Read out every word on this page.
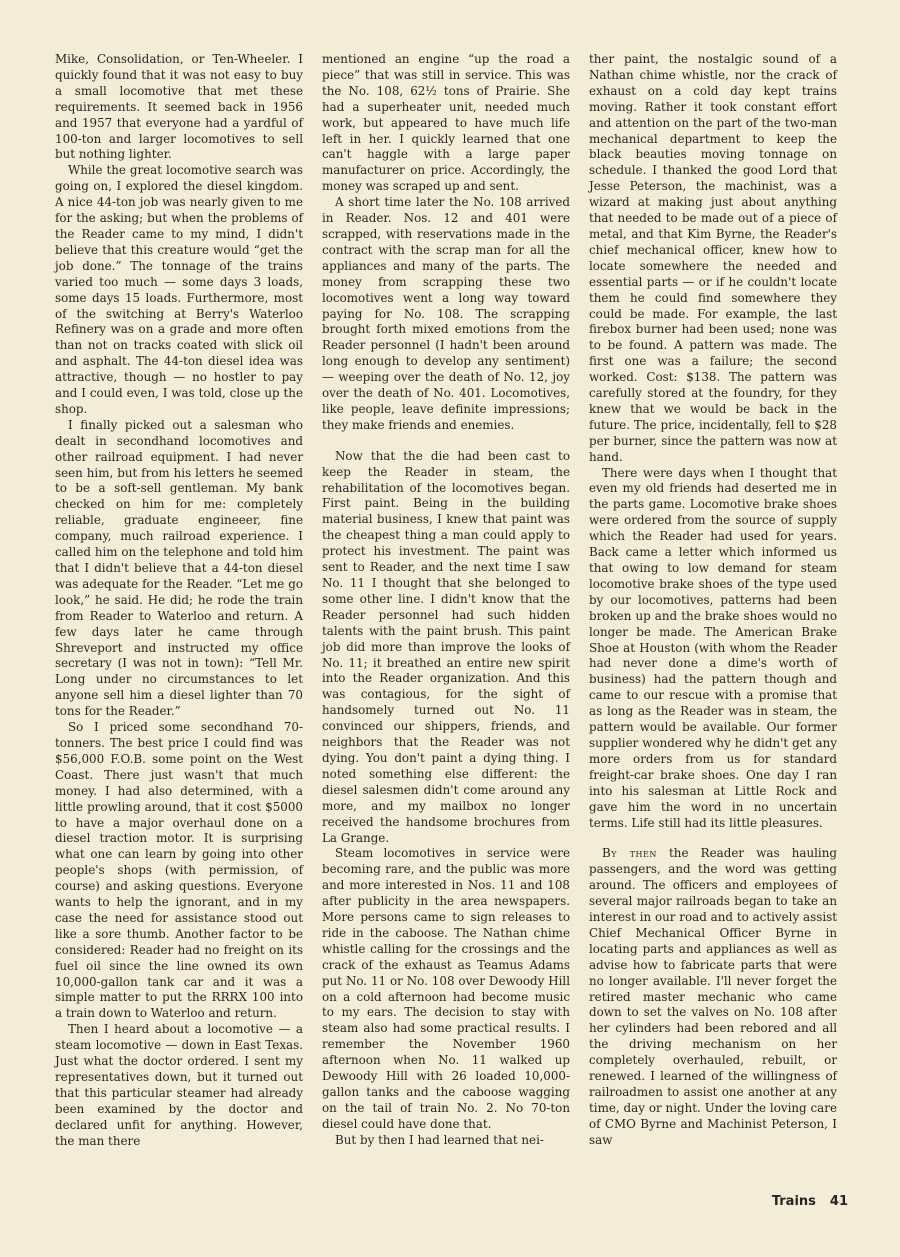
Mike, Consolidation, or Ten-Wheeler. I quickly found that it was not easy to buy a small locomotive that met these requirements. It seemed back in 1956 and 1957 that everyone had a yardful of 100-ton and larger locomotives to sell but nothing lighter.

While the great locomotive search was going on, I explored the diesel kingdom. A nice 44-ton job was nearly given to me for the asking; but when the problems of the Reader came to my mind, I didn't believe that this creature would “get the job done.” The tonnage of the trains varied too much — some days 3 loads, some days 15 loads. Furthermore, most of the switching at Berry's Waterloo Refinery was on a grade and more often than not on tracks coated with slick oil and asphalt. The 44-ton diesel idea was attractive, though — no hostler to pay and I could even, I was told, close up the shop.

I finally picked out a salesman who dealt in secondhand locomotives and other railroad equipment. I had never seen him, but from his letters he seemed to be a soft-sell gentleman. My bank checked on him for me: completely reliable, graduate engineeer, fine company, much railroad experience. I called him on the telephone and told him that I didn't believe that a 44-ton diesel was adequate for the Reader. “Let me go look,” he said. He did; he rode the train from Reader to Waterloo and return. A few days later he came through Shreveport and instructed my office secretary (I was not in town): “Tell Mr. Long under no circumstances to let anyone sell him a diesel lighter than 70 tons for the Reader.”

So I priced some secondhand 70-tonners. The best price I could find was $56,000 F.O.B. some point on the West Coast. There just wasn't that much money. I had also determined, with a little prowling around, that it cost $5000 to have a major overhaul done on a diesel traction motor. It is surprising what one can learn by going into other people's shops (with permission, of course) and asking questions. Everyone wants to help the ignorant, and in my case the need for assistance stood out like a sore thumb. Another factor to be considered: Reader had no freight on its fuel oil since the line owned its own 10,000-gallon tank car and it was a simple matter to put the RRRX 100 into a train down to Waterloo and return.

Then I heard about a locomotive — a steam locomotive — down in East Texas. Just what the doctor ordered. I sent my representatives down, but it turned out that this particular steamer had already been examined by the doctor and declared unfit for anything. However, the man there

mentioned an engine “up the road a piece” that was still in service. This was the No. 108, 62½ tons of Prairie. She had a superheater unit, needed much work, but appeared to have much life left in her. I quickly learned that one can't haggle with a large paper manufacturer on price. Accordingly, the money was scraped up and sent.

A short time later the No. 108 arrived in Reader. Nos. 12 and 401 were scrapped, with reservations made in the contract with the scrap man for all the appliances and many of the parts. The money from scrapping these two locomotives went a long way toward paying for No. 108. The scrapping brought forth mixed emotions from the Reader personnel (I hadn't been around long enough to develop any sentiment) — weeping over the death of No. 12, joy over the death of No. 401. Locomotives, like people, leave definite impressions; they make friends and enemies.

Now that the die had been cast to keep the Reader in steam, the rehabilitation of the locomotives began. First paint. Being in the building material business, I knew that paint was the cheapest thing a man could apply to protect his investment. The paint was sent to Reader, and the next time I saw No. 11 I thought that she belonged to some other line. I didn't know that the Reader personnel had such hidden talents with the paint brush. This paint job did more than improve the looks of No. 11; it breathed an entire new spirit into the Reader organization. And this was contagious, for the sight of handsomely turned out No. 11 convinced our shippers, friends, and neighbors that the Reader was not dying. You don't paint a dying thing. I noted something else different: the diesel salesmen didn't come around any more, and my mailbox no longer received the handsome brochures from La Grange.

Steam locomotives in service were becoming rare, and the public was more and more interested in Nos. 11 and 108 after publicity in the area newspapers. More persons came to sign releases to ride in the caboose. The Nathan chime whistle calling for the crossings and the crack of the exhaust as Teamus Adams put No. 11 or No. 108 over Dewoody Hill on a cold afternoon had become music to my ears. The decision to stay with steam also had some practical results. I remember the November 1960 afternoon when No. 11 walked up Dewoody Hill with 26 loaded 10,000-gallon tanks and the caboose wagging on the tail of train No. 2. No 70-ton diesel could have done that.

But by then I had learned that nei-

ther paint, the nostalgic sound of a Nathan chime whistle, nor the crack of exhaust on a cold day kept trains moving. Rather it took constant effort and attention on the part of the two-man mechanical department to keep the black beauties moving tonnage on schedule. I thanked the good Lord that Jesse Peterson, the machinist, was a wizard at making just about anything that needed to be made out of a piece of metal, and that Kim Byrne, the Reader's chief mechanical officer, knew how to locate somewhere the needed and essential parts — or if he couldn't locate them he could find somewhere they could be made. For example, the last firebox burner had been used; none was to be found. A pattern was made. The first one was a failure; the second worked. Cost: $138. The pattern was carefully stored at the foundry, for they knew that we would be back in the future. The price, incidentally, fell to $28 per burner, since the pattern was now at hand.

There were days when I thought that even my old friends had deserted me in the parts game. Locomotive brake shoes were ordered from the source of supply which the Reader had used for years. Back came a letter which informed us that owing to low demand for steam locomotive brake shoes of the type used by our locomotives, patterns had been broken up and the brake shoes would no longer be made. The American Brake Shoe at Houston (with whom the Reader had never done a dime's worth of business) had the pattern though and came to our rescue with a promise that as long as the Reader was in steam, the pattern would be available. Our former supplier wondered why he didn't get any more orders from us for standard freight-car brake shoes. One day I ran into his salesman at Little Rock and gave him the word in no uncertain terms. Life still had its little pleasures.

By then the Reader was hauling passengers, and the word was getting around. The officers and employees of several major railroads began to take an interest in our road and to actively assist Chief Mechanical Officer Byrne in locating parts and appliances as well as advise how to fabricate parts that were no longer available. I'll never forget the retired master mechanic who came down to set the valves on No. 108 after her cylinders had been rebored and all the driving mechanism on her completely overhauled, rebuilt, or renewed. I learned of the willingness of railroadmen to assist one another at any time, day or night. Under the loving care of CMO Byrne and Machinist Peterson, I saw

Trains 41
